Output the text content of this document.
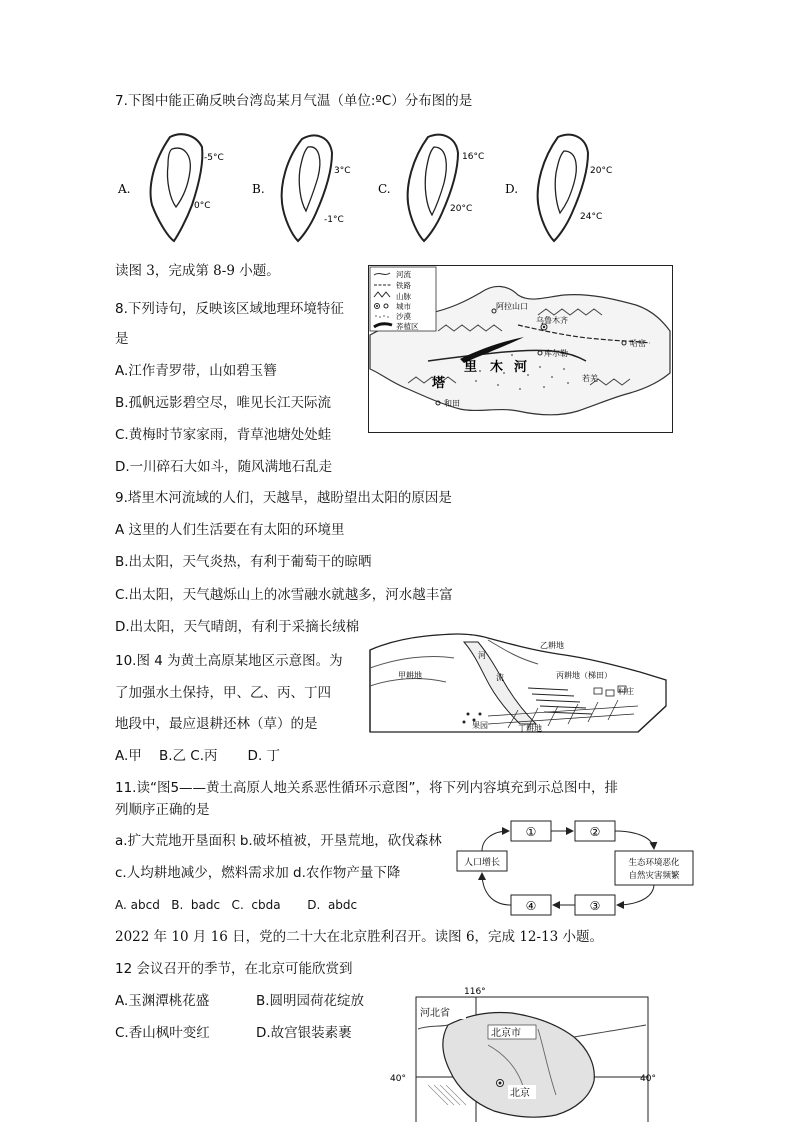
7.下图中能正确反映台湾岛某月气温（单位:ºC）分布图的是
A.
-5°C
0°C
B.
3°C
-1°C
C.
16°C
20°C
D.
20°C
24°C
读图 3，完成第 8-9 小题。	河流
铁路
山脉
城市
沙漠
荞植区
阿拉山口
乌鲁木齐
哈密
库尔勒
塔
里 木 河
和田
若羌
8.下列诗句，反映该区域地理环境特征
是
A.江作青罗带，山如碧玉簪
B.孤帆远影碧空尽，唯见长江天际流
C.黄梅时节家家雨，背草池塘处处蛙
D.一川碎石大如斗，随风满地石乱走
9.塔里木河流域的人们，天越旱，越盼望出太阳的原因是
A 这里的人们生活要在有太阳的环境里
B.出太阳，天气炎热，有利于葡萄干的晾晒
C.出太阳，天气越烁山上的冰雪融水就越多，河水越丰富
D.出太阳，天气晴朗，有利于采摘长绒棉
乙耕地
河
流
甲耕地	丙耕地（梯田）
村庄
果园	丁耕地
10.图 4 为黄土高原某地区示意图。为
了加强水土保持，甲、乙、丙、丁四
地段中，最应退耕还林（草）的是
A.甲    B.乙 C.丙       D. 丁
11.读“图5——黄土高原人地关系恶性循环示意图”，将下列内容填充到示总图中，排
列顺序正确的是
a.扩大荒地开垦面积 b.破坏植被，开垦荒地，砍伐森林
c.人均耕地减少，燃料需求加 d.农作物产量下降
A. abcd   B.  badc   C.  cbda       D.  abdc
①	②
④	③
人口增长	生态环境恶化
自然灾害频繁
2022 年 10 月 16 日，党的二十大在北京胜利召开。读图 6，完成 12-13 小题。
12 会议召开的季节，在北京可能欣赏到
A.玉渊潭桃花盛	B.圆明园荷花绽放
C.香山枫叶变红	D.故宫银装素裹
116°
40°	40°
河北省
北京市
北京
